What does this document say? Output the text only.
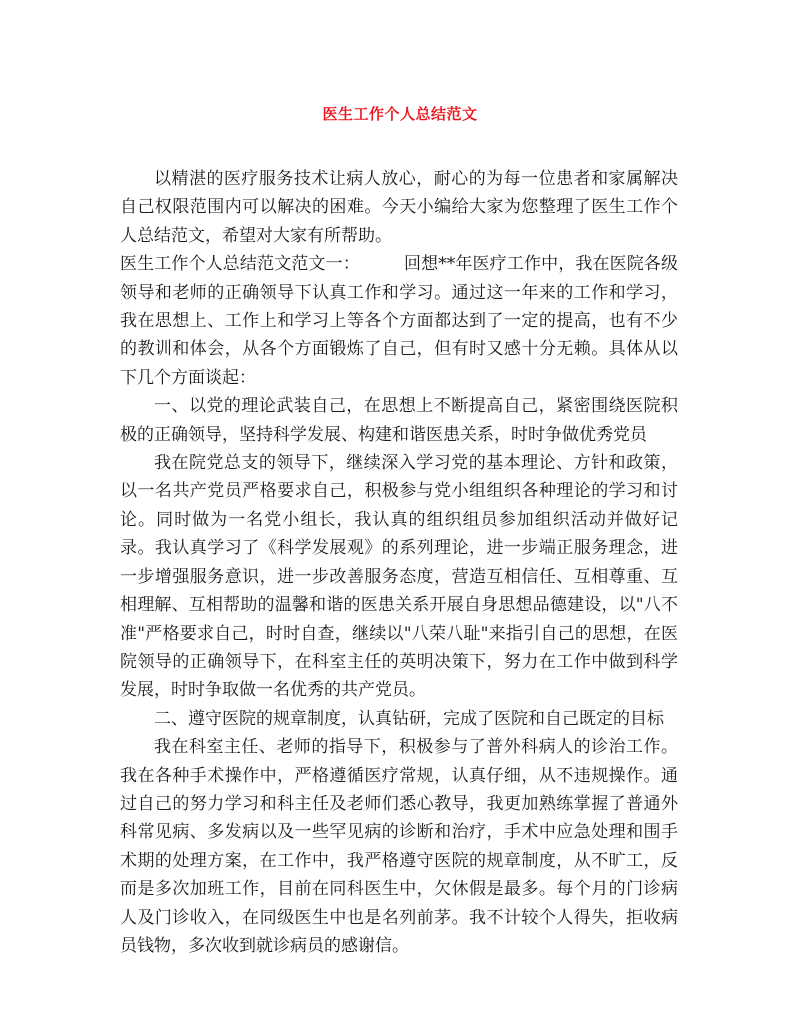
医生工作个人总结范文

以精湛的医疗服务技术让病人放心，耐心的为每一位患者和家属解决自己权限范围内可以解决的困难。今天小编给大家为您整理了医生工作个人总结范文，希望对大家有所帮助。

医生工作个人总结范文范文一：	回想**年医疗工作中，我在医院各级领导和老师的正确领导下认真工作和学习。通过这一年来的工作和学习，我在思想上、工作上和学习上等各个方面都达到了一定的提高，也有不少的教训和体会，从各个方面锻炼了自己，但有时又感十分无赖。具体从以下几个方面谈起：

一、以党的理论武装自己，在思想上不断提高自己，紧密围绕医院积极的正确领导，坚持科学发展、构建和谐医患关系，时时争做优秀党员

我在院党总支的领导下，继续深入学习党的基本理论、方针和政策，以一名共产党员严格要求自己，积极参与党小组组织各种理论的学习和讨论。同时做为一名党小组长，我认真的组织组员参加组织活动并做好记录。我认真学习了《科学发展观》的系列理论，进一步端正服务理念，进一步增强服务意识，进一步改善服务态度，营造互相信任、互相尊重、互相理解、互相帮助的温馨和谐的医患关系开展自身思想品德建设，以"八不准"严格要求自己，时时自查，继续以"八荣八耻"来指引自己的思想，在医院领导的正确领导下，在科室主任的英明决策下，努力在工作中做到科学发展，时时争取做一名优秀的共产党员。

二、遵守医院的规章制度，认真钻研，完成了医院和自己既定的目标

我在科室主任、老师的指导下，积极参与了普外科病人的诊治工作。我在各种手术操作中，严格遵循医疗常规，认真仔细，从不违规操作。通过自己的努力学习和科主任及老师们悉心教导，我更加熟练掌握了普通外科常见病、多发病以及一些罕见病的诊断和治疗，手术中应急处理和围手术期的处理方案，在工作中，我严格遵守医院的规章制度，从不旷工，反而是多次加班工作，目前在同科医生中，欠休假是最多。每个月的门诊病人及门诊收入，在同级医生中也是名列前茅。我不计较个人得失，拒收病员钱物，多次收到就诊病员的感谢信。
